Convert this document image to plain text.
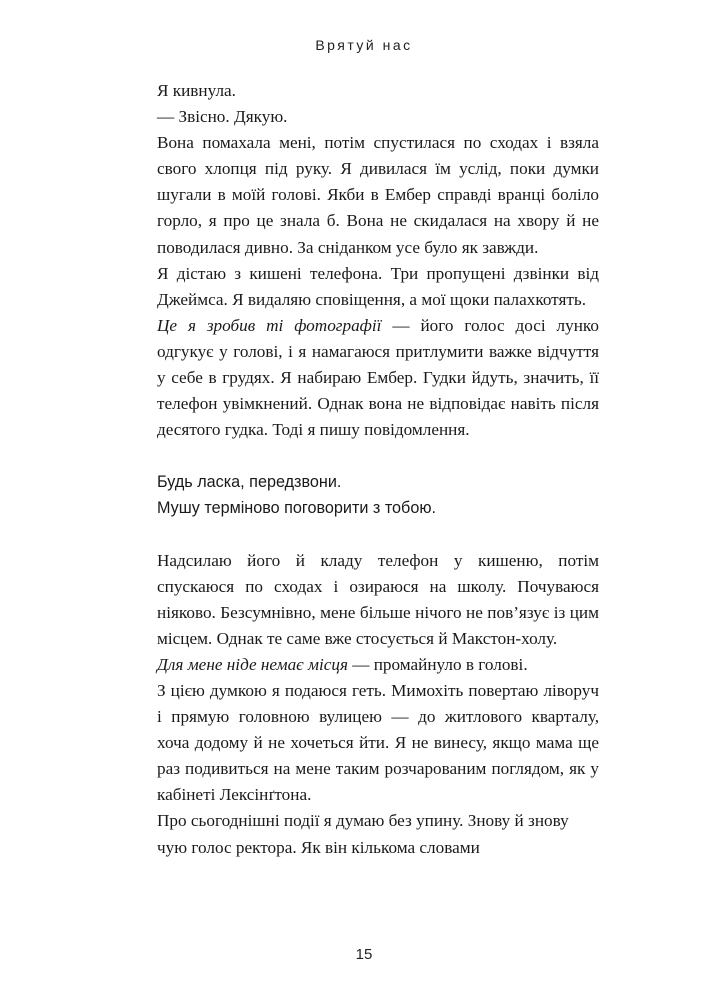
Врятуй нас

Я кивнула.

— Звісно. Дякую.

Вона помахала мені, потім спустилася по сходах і взяла свого хлопця під руку. Я дивилася їм услід, поки думки шугали в моїй голові. Якби в Ембер справді вранці боліло горло, я про це знала б. Вона не скидалася на хвору й не поводилася дивно. За сніданком усе було як завжди.

Я дістаю з кишені телефона. Три пропущені дзвінки від Джеймса. Я видаляю сповіщення, а мої щоки палахкотять.

Це я зробив ті фотографії — його голос досі лунко одгукує у голові, і я намагаюся притлумити важке відчуття у себе в грудях. Я набираю Ембер. Гудки йдуть, значить, її телефон увімкнений. Однак вона не відповідає навіть після десятого гудка. Тоді я пишу повідомлення.

Будь ласка, передзвони.

Мушу терміново поговорити з тобою.

Надсилаю його й кладу телефон у кишеню, потім спускаюся по сходах і озираюся на школу. Почуваюся ніяково. Безсумнівно, мене більше нічого не пов’язує із цим місцем. Однак те саме вже стосується й Макстон-холу.

Для мене ніде немає місця — промайнуло в голові.

З цією думкою я подаюся геть. Мимохіть повертаю ліворуч і прямую головною вулицею — до житлового кварталу, хоча додому й не хочеться йти. Я не винесу, якщо мама ще раз подивиться на мене таким розчарованим поглядом, як у кабінеті Лексінґтона.

Про сьогоднішні події я думаю без упину. Знову й знову чую голос ректора. Як він кількома словами

15
